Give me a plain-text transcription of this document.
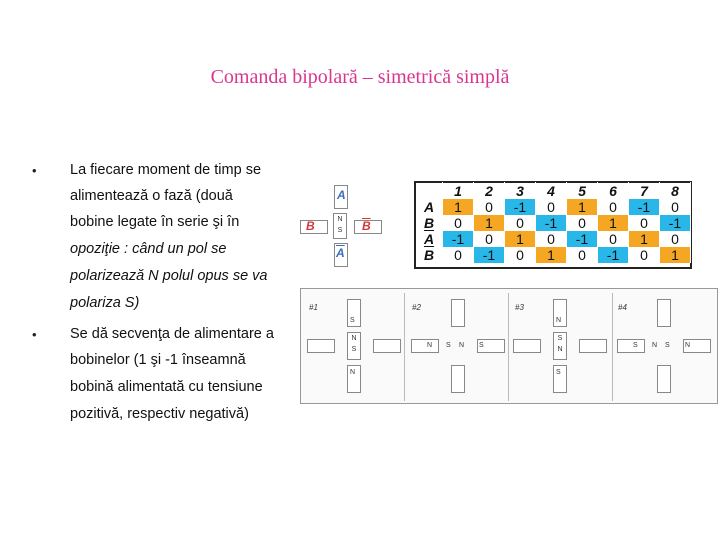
Comanda bipolară – simetrică simplă
• La fiecare moment de timp se
alimentează o fază (două
bobine legate în serie şi în
opoziţie : când un pol se
polarizează N polul opus se va
polariza S)
• Se dă secvenţa de alimentare a
bobinelor (1 şi -1 înseamnă
bobină alimentată cu tensiune
pozitivă, respectiv negativă)
A
$\overline{A}$
B	$\overline{B}$
N
S
	1	2	3	4	5	6	7	8
A	1	0	-1	0	1	0	-1	0
B	0	1	0	-1	0	1	0	-1
$\overline{A}$	-1	0	1	0	-1	0	1	0
$\overline{B}$	0	-1	0	1	0	-1	0	1
#1
S
N
S
N
#2
N S N S
#3
N
S
N
S
#4
S N S N
